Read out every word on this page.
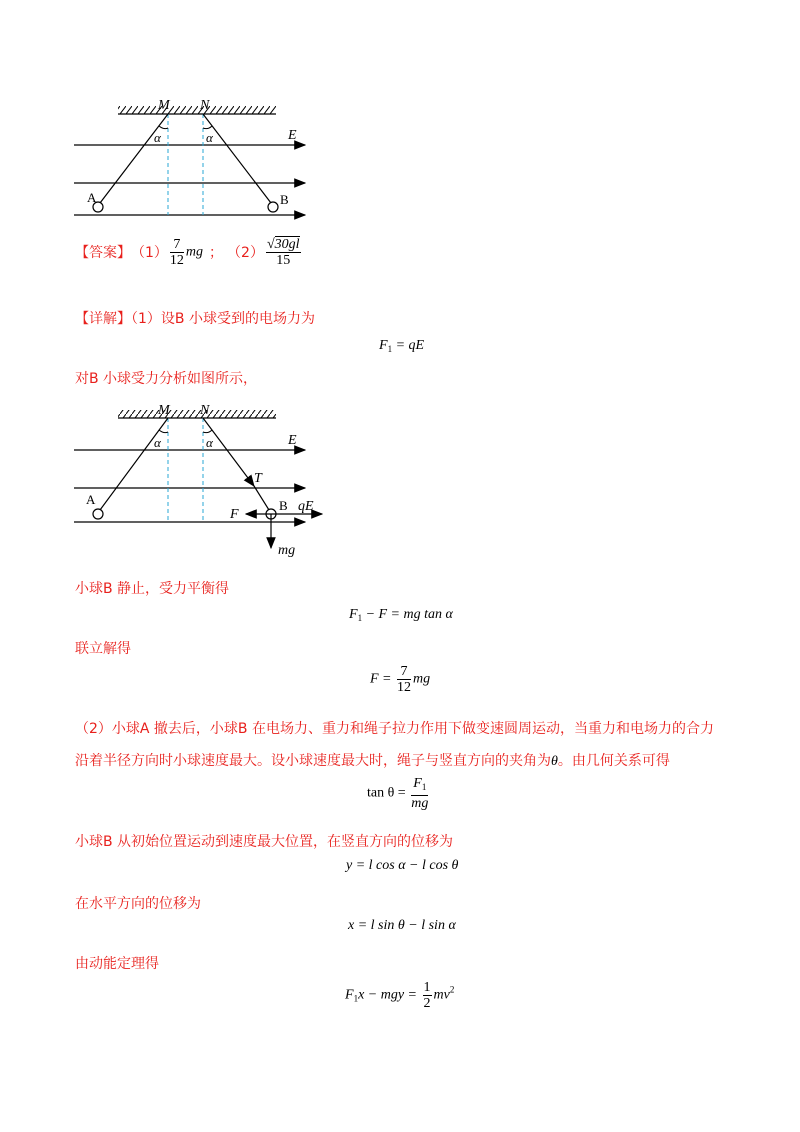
M N
E
α	α
A	B
【答案】 $(1) \frac{7}{12}$ mg ； $(2) \frac{√30gl}{15}$
【详解】（1）设B 小球受到的电场力为
$F_1$ = qE
对B 小球受力分析如图所示，
M N
E
α	α
A	B
T
F
qE
mg
小球B 静止，受力平衡得
$F_1 - F$ = mg tan α
联立解得
$F = \frac{7}{12}$ mg
（2）小球A 撤去后，小球B 在电场力、重力和绳子拉力作用下做变速圆周运动，当重力和电场力的合力
沿着半径方向时小球速度最大。设小球速度最大时，绳子与竖直方向的夹角为θ。由几何关系可得
$\tan \theta = \frac{F_1}{mg}$
小球B 从初始位置运动到速度最大位置，在竖直方向的位移为
y = l cos α − l cos θ
在水平方向的位移为
x = l sin θ − l sin α
由动能定理得
$F_1x$ − mgy = $\frac{1}{2} mv^2$
